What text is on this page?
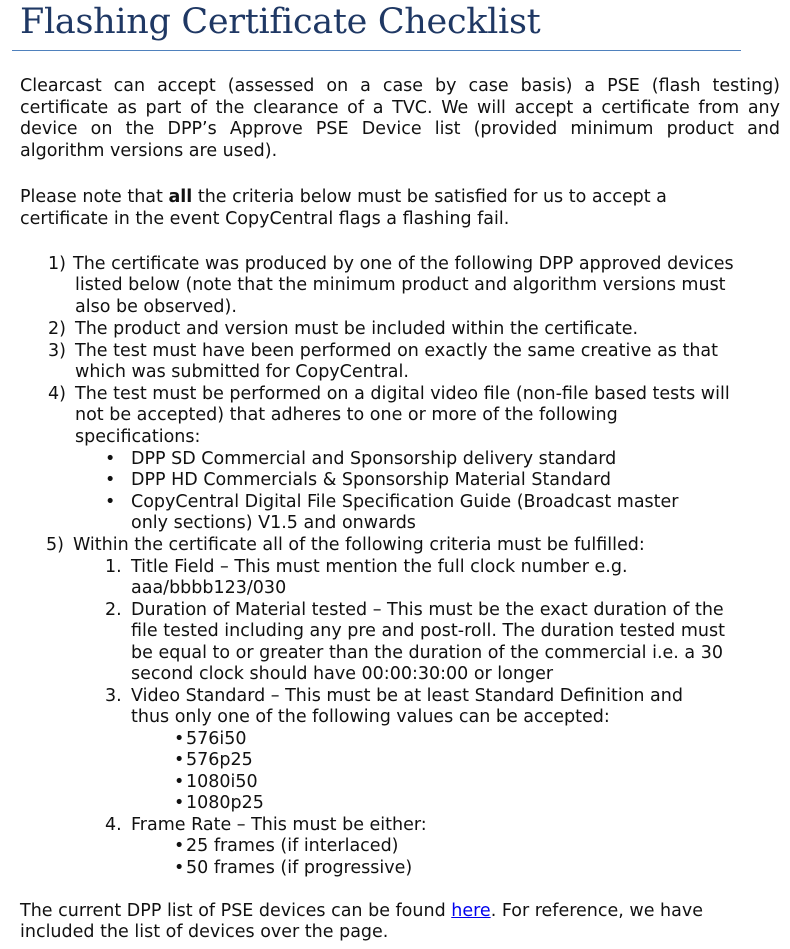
Flashing Certificate Checklist

Clearcast can accept (assessed on a case by case basis) a PSE (flash testing) certificate as part of the clearance of a TVC. We will accept a certificate from any device on the DPP’s Approve PSE Device list (provided minimum product and algorithm versions are used).

Please note that all the criteria below must be satisfied for us to accept a
certificate in the event CopyCentral flags a flashing fail.
1) The certificate was produced by one of the following DPP approved devices
listed below (note that the minimum product and algorithm versions must
also be observed).
2) The product and version must be included within the certificate.
3) The test must have been performed on exactly the same creative as that
which was submitted for CopyCentral.
4) The test must be performed on a digital video file (non-file based tests will
not be accepted) that adheres to one or more of the following
specifications:
• DPP SD Commercial and Sponsorship delivery standard
• DPP HD Commercials & Sponsorship Material Standard
• CopyCentral Digital File Specification Guide (Broadcast master
only sections) V1.5 and onwards
5) Within the certificate all of the following criteria must be fulfilled:
1. Title Field – This must mention the full clock number e.g.
aaa/bbbb123/030
2. Duration of Material tested – This must be the exact duration of the
file tested including any pre and post-roll. The duration tested must
be equal to or greater than the duration of the commercial i.e. a 30
second clock should have 00:00:30:00 or longer
3. Video Standard – This must be at least Standard Definition and
thus only one of the following values can be accepted:
• 576i50
• 576p25
• 1080i50
• 1080p25
4. Frame Rate – This must be either:
• 25 frames (if interlaced)
• 50 frames (if progressive)
The current DPP list of PSE devices can be found here. For reference, we have
included the list of devices over the page.
